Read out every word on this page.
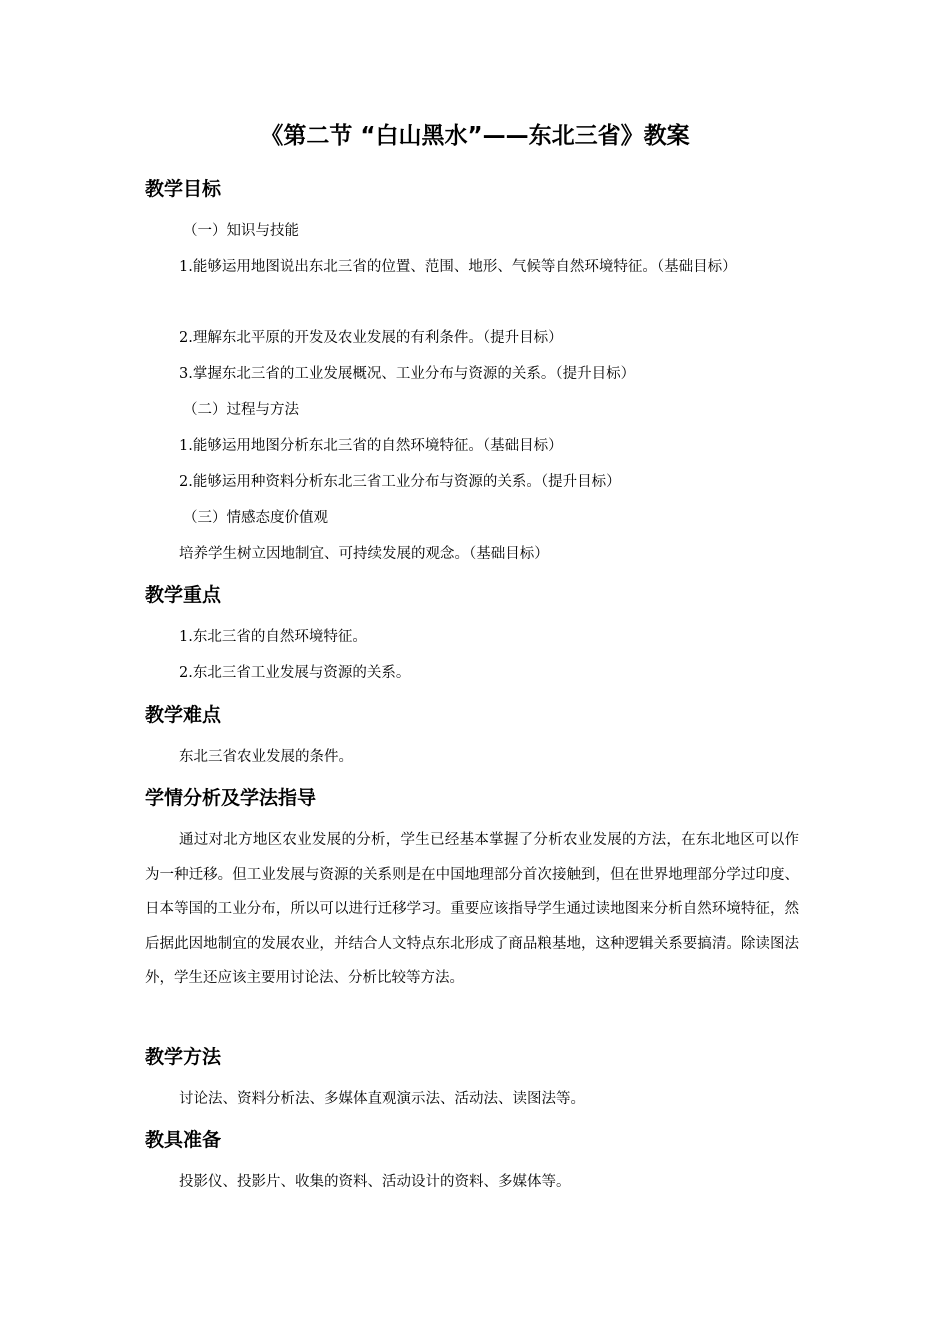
《第二节 “白山黑水”——东北三省》教案
教学目标
（一）知识与技能
1.能够运用地图说出东北三省的位置、范围、地形、气候等自然环境特征。（基础目标）
2.理解东北平原的开发及农业发展的有利条件。（提升目标）
3.掌握东北三省的工业发展概况、工业分布与资源的关系。（提升目标）
（二）过程与方法
1.能够运用地图分析东北三省的自然环境特征。（基础目标）
2.能够运用种资料分析东北三省工业分布与资源的关系。（提升目标）
（三）情感态度价值观
培养学生树立因地制宜、可持续发展的观念。（基础目标）
教学重点
1.东北三省的自然环境特征。
2.东北三省工业发展与资源的关系。
教学难点
东北三省农业发展的条件。
学情分析及学法指导
通过对北方地区农业发展的分析，学生已经基本掌握了分析农业发展的方法，在东北地区可以作为一种迁移。但工业发展与资源的关系则是在中国地理部分首次接触到，但在世界地理部分学过印度、日本等国的工业分布，所以可以进行迁移学习。重要应该指导学生通过读地图来分析自然环境特征，然后据此因地制宜的发展农业，并结合人文特点东北形成了商品粮基地，这种逻辑关系要搞清。除读图法外，学生还应该主要用讨论法、分析比较等方法。
教学方法
讨论法、资料分析法、多媒体直观演示法、活动法、读图法等。
教具准备
投影仪、投影片、收集的资料、活动设计的资料、多媒体等。
